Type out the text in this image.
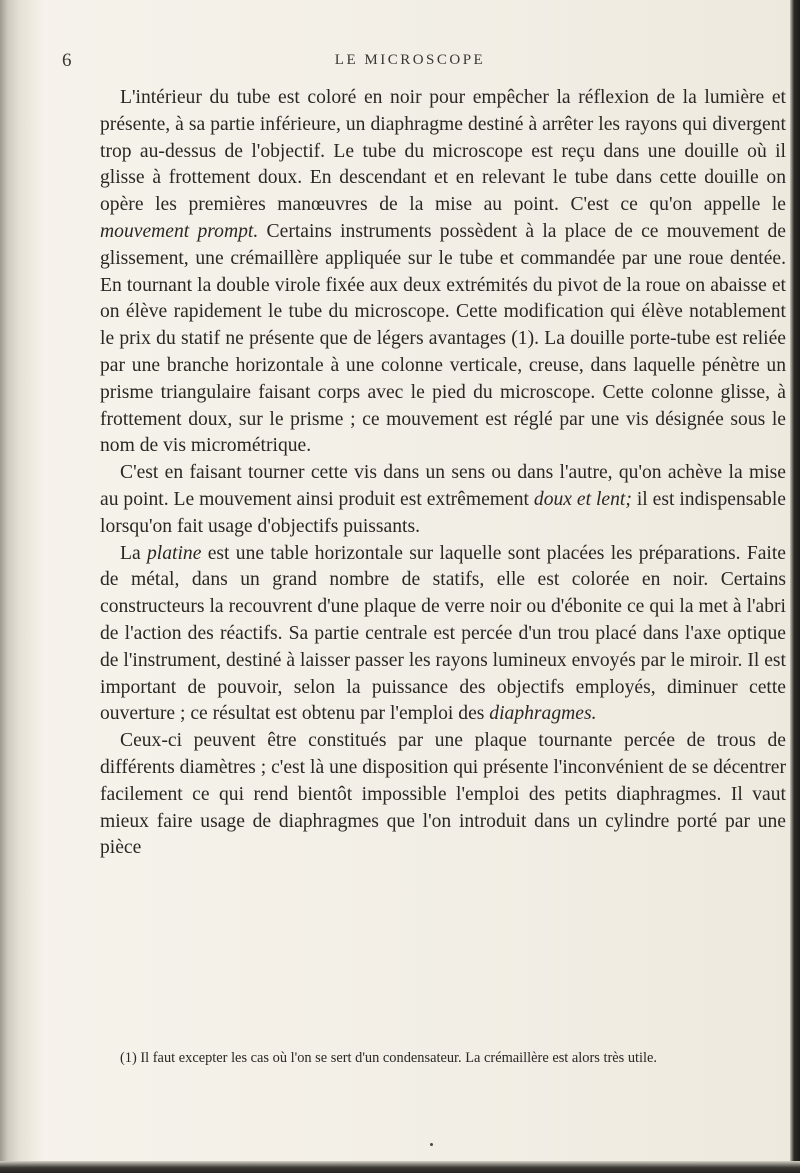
6	LE MICROSCOPE

L'intérieur du tube est coloré en noir pour empêcher la réflexion de la lumière et présente, à sa partie inférieure, un diaphragme destiné à arrêter les rayons qui divergent trop au-dessus de l'objectif. Le tube du microscope est reçu dans une douille où il glisse à frottement doux. En descendant et en relevant le tube dans cette douille on opère les premières manœuvres de la mise au point. C'est ce qu'on appelle le mouvement prompt. Certains instruments possèdent à la place de ce mouvement de glissement, une crémaillère appliquée sur le tube et commandée par une roue dentée. En tournant la double virole fixée aux deux extrémités du pivot de la roue on abaisse et on élève rapidement le tube du microscope. Cette modification qui élève notablement le prix du statif ne présente que de légers avantages (1). La douille porte-tube est reliée par une branche horizontale à une colonne verticale, creuse, dans laquelle pénètre un prisme triangulaire faisant corps avec le pied du microscope. Cette colonne glisse, à frottement doux, sur le prisme ; ce mouvement est réglé par une vis désignée sous le nom de vis micrométrique.

C'est en faisant tourner cette vis dans un sens ou dans l'autre, qu'on achève la mise au point. Le mouvement ainsi produit est extrêmement doux et lent; il est indispensable lorsqu'on fait usage d'objectifs puissants.

La platine est une table horizontale sur laquelle sont placées les préparations. Faite de métal, dans un grand nombre de statifs, elle est colorée en noir. Certains constructeurs la recouvrent d'une plaque de verre noir ou d'ébonite ce qui la met à l'abri de l'action des réactifs. Sa partie centrale est percée d'un trou placé dans l'axe optique de l'instrument, destiné à laisser passer les rayons lumineux envoyés par le miroir. Il est important de pouvoir, selon la puissance des objectifs employés, diminuer cette ouverture ; ce résultat est obtenu par l'emploi des diaphragmes.

Ceux-ci peuvent être constitués par une plaque tournante percée de trous de différents diamètres ; c'est là une disposition qui présente l'inconvénient de se décentrer facilement ce qui rend bientôt impossible l'emploi des petits diaphragmes. Il vaut mieux faire usage de diaphragmes que l'on introduit dans un cylindre porté par une pièce

(1) Il faut excepter les cas où l'on se sert d'un condensateur. La crémaillère est alors très utile.
